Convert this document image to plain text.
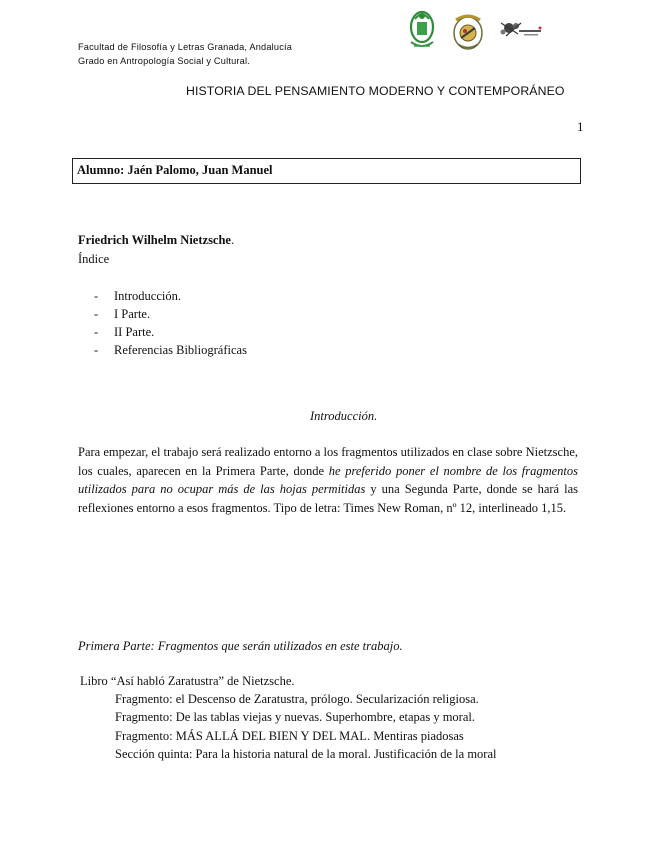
Facultad de Filosofía y Letras Granada, Andalucía
Grado en Antropología Social y Cultural.
HISTORIA DEL PENSAMIENTO MODERNO Y CONTEMPORÁNEO
1
Alumno: Jaén Palomo, Juan Manuel
Friedrich Wilhelm Nietzsche.
Índice
- Introducción.
- I Parte.
- II Parte.
- Referencias Bibliográficas
Introducción.

Para empezar, el trabajo será realizado entorno a los fragmentos utilizados en clase sobre Nietzsche, los cuales, aparecen en la Primera Parte, donde he preferido poner el nombre de los fragmentos utilizados para no ocupar más de las hojas permitidas y una Segunda Parte, donde se hará las reflexiones entorno a esos fragmentos. Tipo de letra: Times New Roman, nº 12, interlineado 1,15.

Primera Parte: Fragmentos que serán utilizados en este trabajo.
Libro “Así habló Zaratustra” de Nietzsche.
Fragmento: el Descenso de Zaratustra, prólogo. Secularización religiosa.
Fragmento: De las tablas viejas y nuevas. Superhombre, etapas y moral.
Fragmento: MÁS ALLÁ DEL BIEN Y DEL MAL. Mentiras piadosas
Sección quinta: Para la historia natural de la moral. Justificación de la moral
